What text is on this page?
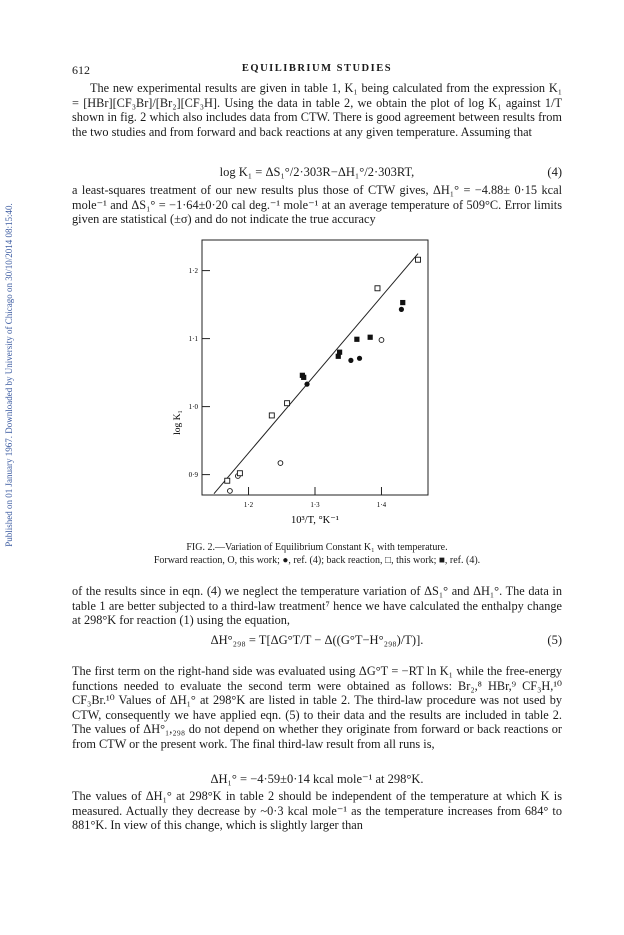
Published on 01 January 1967. Downloaded by University of Chicago on 30/10/2014 08:15:40.
612	EQUILIBRIUM STUDIES

The new experimental results are given in table 1, K₁ being calculated from the expression K₁ = [HBr][CF₃Br]/[Br₂][CF₃H]. Using the data in table 2, we obtain the plot of log K₁ against 1/T shown in fig. 2 which also includes data from CTW. There is good agreement between results from the two studies and from forward and back reactions at any given temperature. Assuming that

log K₁ = ΔS₁°/2·303R−ΔH₁°/2·303RT,	(4)

a least-squares treatment of our new results plus those of CTW gives, ΔH₁° = −4.88± 0·15 kcal mole⁻¹ and ΔS₁° = −1·64±0·20 cal deg.⁻¹ mole⁻¹ at an average temperature of 509°C. Error limits given are statistical (±σ) and do not indicate the true accuracy

1·2	1·3	1·4
0·9
1·0
1·1
1·2
10³/T, °K⁻¹
log K₁
FIG. 2.—Variation of Equilibrium Constant K₁ with temperature.
Forward reaction, O, this work; ●, ref. (4); back reaction, □, this work; ■, ref. (4).

of the results since in eqn. (4) we neglect the temperature variation of ΔS₁° and ΔH₁°. The data in table 1 are better subjected to a third-law treatment⁷ hence we have calculated the enthalpy change at 298°K for reaction (1) using the equation,

ΔH°₂₉₈ = T[ΔG°T/T − Δ((G°T−H°₂₉₈)/T)].	(5)

The first term on the right-hand side was evaluated using ΔG°T = −RT ln K₁ while the free-energy functions needed to evaluate the second term were obtained as follows: Br₂,⁸ HBr,⁹ CF₃H,¹⁰ CF₃Br.¹⁰ Values of ΔH₁° at 298°K are listed in table 2. The third-law procedure was not used by CTW, consequently we have applied eqn. (5) to their data and the results are included in table 2. The values of ΔH°₁,₂₉₈ do not depend on whether they originate from forward or back reactions or from CTW or the present work. The final third-law result from all runs is,

ΔH₁° = −4·59±0·14 kcal mole⁻¹ at 298°K.

The values of ΔH₁° at 298°K in table 2 should be independent of the temperature at which K is measured. Actually they decrease by ~0·3 kcal mole⁻¹ as the temperature increases from 684° to 881°K. In view of this change, which is slightly larger than
